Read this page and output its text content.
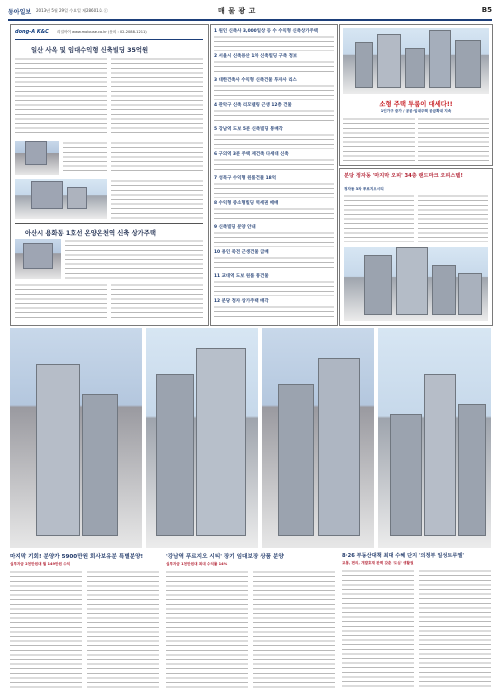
동아일보 2013년 5월 29일 수요일 제28601호 ⓒ	매 물 광 고	B5
dong-A K&C 리얼아이 www.molouse.co.kr (문의 : 02-2088-1211)
일산 사옥 및 임대수익형 신축빌딩 35억원
아산시 용화동 1호선 온양온천역 신축 상가주택
1 원인 신축사 3,000일상 등 수 수익형 신축상가주택
2 서울시 신축용산 1차 신축빌딩 구축 정보
3 대한건축사 수익형 신축건물 투자사 리스
4 관악구 신축 리모델링 근생 12층 건물
5 강남역 도보 5분 신축빌딩 통매각
6 구의역 3분 주택 재건축 다세대 신축
7 성북구 수익형 원룸건물 18억
8 수익형 중소형빌딩 역세권 매매
9 신축빌딩 분양 안내
10 용인 죽전 근생건물 급매
11 교대역 도보 원룸 통건물
12 분당 정자 상가주택 매각
소형 주택 투룸이 대세다!!
1인가구 증가 / 공공·임대주택 공급확대 지속
분당 정자동 '마지막 오피' 34층 랜드마크 오피스텔!
정자동 3차 푸르지오시티
마지막 기회! 분양가 5900만원 회사보유분 특별분양!
실투자금 2천만원대 월 149만원 수익

'강남역 푸르지오 시티' 장기 임대보장 상품 분양
실투자금 1천만원대 최대 수익률 14%

8·26 부동산대책 최대 수혜 단지 '의정부 일성트루엘'
교통, 편의, 개발호재 완벽 갖춘 '도심' 생활권
